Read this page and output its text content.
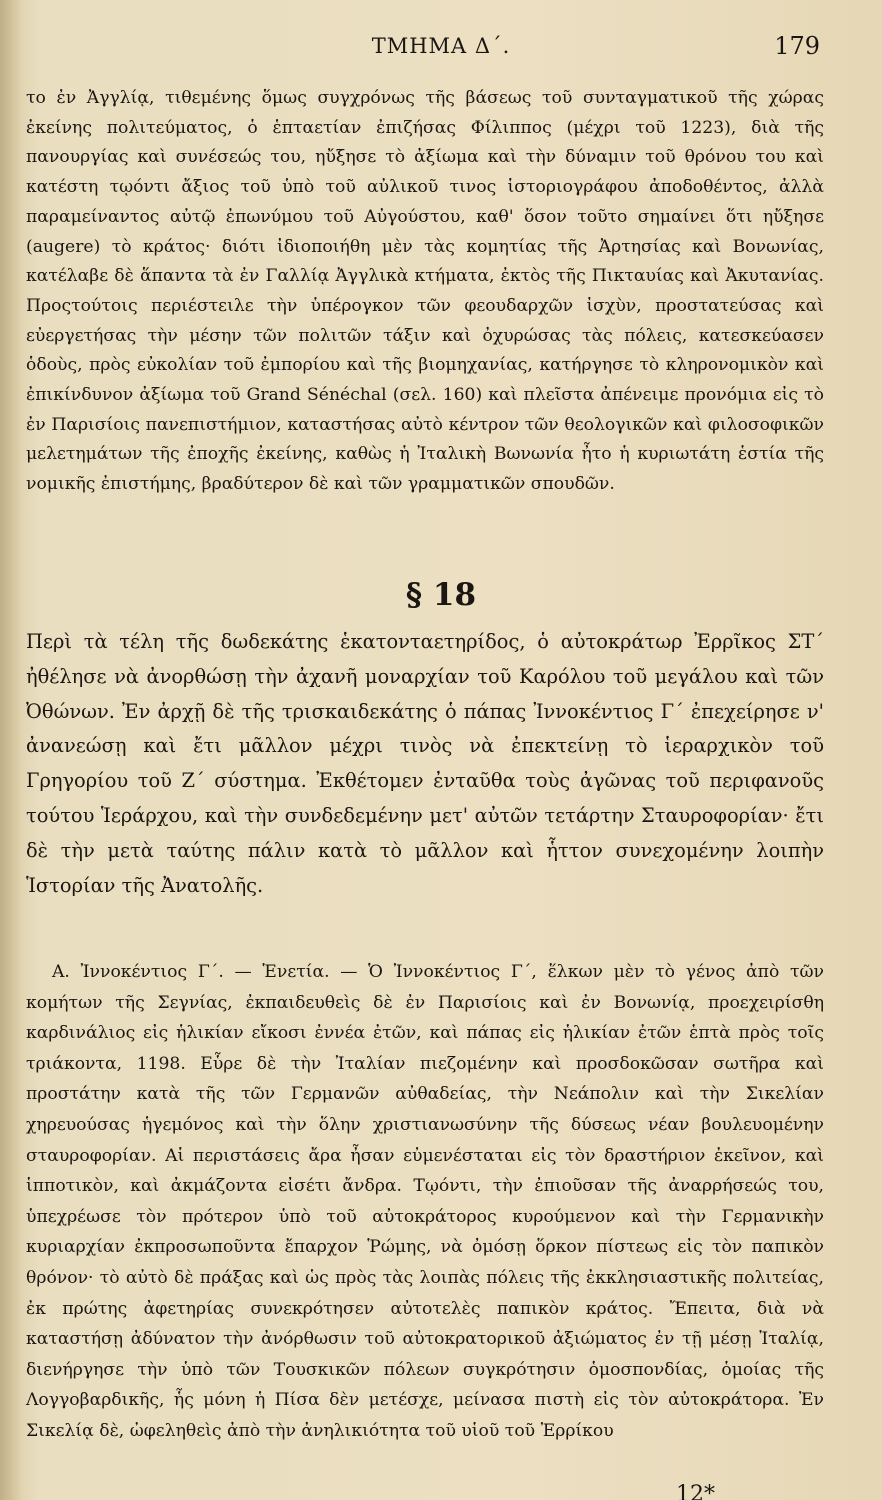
ΤΜΗΜΑ Δ΄.	179

το ἐν Ἀγγλίᾳ, τιθεμένης ὅμως συγχρόνως τῆς βάσεως τοῦ συνταγματικοῦ τῆς χώρας ἐκείνης πολιτεύματος, ὁ ἑπταετίαν ἐπιζήσας Φίλιππος (μέχρι τοῦ 1223), διὰ τῆς πανουργίας καὶ συνέσεώς του, ηὔξησε τὸ ἀξίωμα καὶ τὴν δύναμιν τοῦ θρόνου του καὶ κατέστη τῳόντι ἄξιος τοῦ ὑπὸ τοῦ αὐλικοῦ τινος ἱστοριογράφου ἀποδοθέντος, ἀλλὰ παραμείναντος αὐτῷ ἐπωνύμου τοῦ Αὐγούστου, καθ' ὅσον τοῦτο σημαίνει ὅτι ηὔξησε (augere) τὸ κράτος· διότι ἰδιοποιήθη μὲν τὰς κομητίας τῆς Ἀρτησίας καὶ Βονωνίας, κατέλαβε δὲ ἅπαντα τὰ ἐν Γαλλίᾳ Ἀγγλικὰ κτήματα, ἐκτὸς τῆς Πικταυίας καὶ Ἀκυτανίας. Προςτούτοις περιέστειλε τὴν ὑπέρογκον τῶν φεουδαρχῶν ἰσχὺν, προστατεύσας καὶ εὐεργετήσας τὴν μέσην τῶν πολιτῶν τάξιν καὶ ὀχυρώσας τὰς πόλεις, κατεσκεύασεν ὁδοὺς, πρὸς εὐκολίαν τοῦ ἐμπορίου καὶ τῆς βιομηχανίας, κατήργησε τὸ κληρονομικὸν καὶ ἐπικίνδυνον ἀξίωμα τοῦ Grand Sénéchal (σελ. 160) καὶ πλεῖστα ἀπένειμε προνόμια εἰς τὸ ἐν Παρισίοις πανεπιστήμιον, καταστήσας αὐτὸ κέντρον τῶν θεολογικῶν καὶ φιλοσοφικῶν μελετημάτων τῆς ἐποχῆς ἐκείνης, καθὼς ἡ Ἰταλικὴ Βωνωνία ἦτο ἡ κυριωτάτη ἑστία τῆς νομικῆς ἐπιστήμης, βραδύτερον δὲ καὶ τῶν γραμματικῶν σπουδῶν.

§ 18

Περὶ τὰ τέλη τῆς δωδεκάτης ἑκατονταετηρίδος, ὁ αὐτοκράτωρ Ἐρρῖκος ΣΤ΄ ἠθέλησε νὰ ἀνορθώσῃ τὴν ἀχανῆ μοναρχίαν τοῦ Καρόλου τοῦ μεγάλου καὶ τῶν Ὀθώνων. Ἐν ἀρχῇ δὲ τῆς τρισκαιδεκάτης ὁ πάπας Ἰννοκέντιος Γ΄ ἐπεχείρησε ν' ἀνανεώσῃ καὶ ἔτι μᾶλλον μέχρι τινὸς νὰ ἐπεκτείνῃ τὸ ἱεραρχικὸν τοῦ Γρηγορίου τοῦ Ζ΄ σύστημα. Ἐκθέτομεν ἐνταῦθα τοὺς ἀγῶνας τοῦ περιφανοῦς τούτου Ἱεράρχου, καὶ τὴν συνδεδεμένην μετ' αὐτῶν τετάρτην Σταυροφορίαν· ἔτι δὲ τὴν μετὰ ταύτης πάλιν κατὰ τὸ μᾶλλον καὶ ἧττον συνεχομένην λοιπὴν Ἱστορίαν τῆς Ἀνατολῆς.

Α. Ἰννοκέντιος Γ΄. — Ἑνετία. — Ὁ Ἰννοκέντιος Γ΄, ἕλκων μὲν τὸ γένος ἀπὸ τῶν κομήτων τῆς Σεγνίας, ἐκπαιδευθεὶς δὲ ἐν Παρισίοις καὶ ἐν Βονωνίᾳ, προεχειρίσθη καρδινάλιος εἰς ἡλικίαν εἴκοσι ἐννέα ἐτῶν, καὶ πάπας εἰς ἡλικίαν ἐτῶν ἑπτὰ πρὸς τοῖς τριάκοντα, 1198. Εὗρε δὲ τὴν Ἰταλίαν πιεζομένην καὶ προσδοκῶσαν σωτῆρα καὶ προστάτην κατὰ τῆς τῶν Γερμανῶν αὐθαδείας, τὴν Νεάπολιν καὶ τὴν Σικελίαν χηρευούσας ἡγεμόνος καὶ τὴν ὅλην χριστιανωσύνην τῆς δύσεως νέαν βουλευομένην σταυροφορίαν. Αἱ περιστάσεις ἄρα ἦσαν εὐμενέσταται εἰς τὸν δραστήριον ἐκεῖνον, καὶ ἱπποτικὸν, καὶ ἀκμάζοντα εἰσέτι ἄνδρα. Τῳόντι, τὴν ἐπιοῦσαν τῆς ἀναρρήσεώς του, ὑπεχρέωσε τὸν πρότερον ὑπὸ τοῦ αὐτοκράτορος κυρούμενον καὶ τὴν Γερμανικὴν κυριαρχίαν ἐκπροσωποῦντα ἔπαρχον Ῥώμης, νὰ ὀμόσῃ ὅρκον πίστεως εἰς τὸν παπικὸν θρόνον· τὸ αὐτὸ δὲ πράξας καὶ ὡς πρὸς τὰς λοιπὰς πόλεις τῆς ἐκκλησιαστικῆς πολιτείας, ἐκ πρώτης ἀφετηρίας συνεκρότησεν αὐτοτελὲς παπικὸν κράτος. Ἔπειτα, διὰ νὰ καταστήσῃ ἀδύνατον τὴν ἀνόρθωσιν τοῦ αὐτοκρατορικοῦ ἀξιώματος ἐν τῇ μέσῃ Ἰταλίᾳ, διενήργησε τὴν ὑπὸ τῶν Τουσκικῶν πόλεων συγκρότησιν ὁμοσπονδίας, ὁμοίας τῆς Λογγοβαρδικῆς, ἧς μόνη ἡ Πίσα δὲν μετέσχε, μείνασα πιστὴ εἰς τὸν αὐτοκράτορα. Ἐν Σικελίᾳ δὲ, ὠφεληθεὶς ἀπὸ τὴν ἀνηλικιότητα τοῦ υἱοῦ τοῦ Ἐρρίκου
12*
